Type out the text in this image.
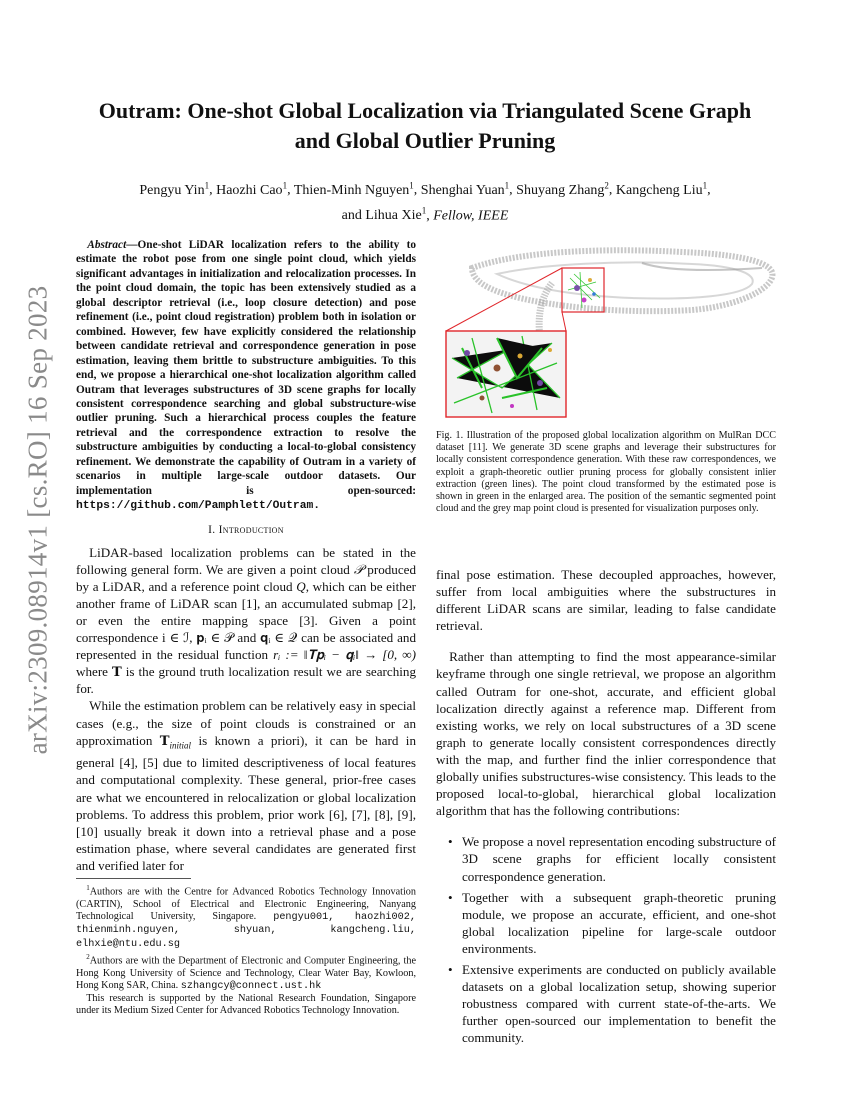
arXiv:2309.08914v1 [cs.RO] 16 Sep 2023
Outram: One-shot Global Localization via Triangulated Scene Graph
and Global Outlier Pruning
Pengyu Yin$^1$, Haozhi Cao$^1$, Thien-Minh Nguyen$^1$, Shenghai Yuan$^1$, Shuyang Zhang$^2$, Kangcheng Liu$^1$,
and Lihua Xie$^1$, Fellow, IEEE

Abstract—One-shot LiDAR localization refers to the ability to estimate the robot pose from one single point cloud, which yields significant advantages in initialization and relocalization processes. In the point cloud domain, the topic has been extensively studied as a global descriptor retrieval (i.e., loop closure detection) and pose refinement (i.e., point cloud registration) problem both in isolation or combined. However, few have explicitly considered the relationship between candidate retrieval and correspondence generation in pose estimation, leaving them brittle to substructure ambiguities. To this end, we propose a hierarchical one-shot localization algorithm called Outram that leverages substructures of 3D scene graphs for locally consistent correspondence searching and global substructure-wise outlier pruning. Such a hierarchical process couples the feature retrieval and the correspondence extraction to resolve the substructure ambiguities by conducting a local-to-global consistency refinement. We demonstrate the capability of Outram in a variety of scenarios in multiple large-scale outdoor datasets. Our implementation is open-sourced: https://github.com/Pamphlett/Outram.

I. Introduction

LiDAR-based localization problems can be stated in the following general form. We are given a point cloud 𝒫 produced by a LiDAR, and a reference point cloud Q, which can be either another frame of LiDAR scan [1], an accumulated submap [2], or even the entire mapping space [3]. Given a point correspondence i ∈ ℐ, 𝐩ᵢ ∈ 𝒫 and 𝐪ᵢ ∈ 𝒬 can be associated and represented in the residual function rᵢ := ‖𝐓𝐩ᵢ − 𝐪ᵢ‖ → [0, ∞) where 𝐓 is the ground truth localization result we are searching for.

While the estimation problem can be relatively easy in special cases (e.g., the size of point clouds is constrained or an approximation 𝐓$_{initial}$ is known a priori), it can be hard in general [4], [5] due to limited descriptiveness of local features and computational complexity. These general, prior-free cases are what we encountered in relocalization or global localization problems. To address this problem, prior work [6], [7], [8], [9], [10] usually break it down into a retrieval phase and a pose estimation phase, where several candidates are generated first and verified later for

$^1$Authors are with the Centre for Advanced Robotics Technology Innovation (CARTIN), School of Electrical and Electronic Engineering, Nanyang Technological University, Singapore. pengyu001, haozhi002, thienminh.nguyen, shyuan, kangcheng.liu, elhxie@ntu.edu.sg

$^2$Authors are with the Department of Electronic and Computer Engineering, the Hong Kong University of Science and Technology, Clear Water Bay, Kowloon, Hong Kong SAR, China. szhangcy@connect.ust.hk

This research is supported by the National Research Foundation, Singapore under its Medium Sized Center for Advanced Robotics Technology Innovation.

Fig. 1. Illustration of the proposed global localization algorithm on MulRan DCC dataset [11]. We generate 3D scene graphs and leverage their substructures for locally consistent correspondence generation. With these raw correspondences, we exploit a graph-theoretic outlier pruning process for globally consistent inlier extraction (green lines). The point cloud transformed by the estimated pose is shown in green in the enlarged area. The position of the semantic segmented point cloud and the grey map point cloud is presented for visualization purposes only.

final pose estimation. These decoupled approaches, however, suffer from local ambiguities where the substructures in different LiDAR scans are similar, leading to false candidate retrieval.

Rather than attempting to find the most appearance-similar keyframe through one single retrieval, we propose an algorithm called Outram for one-shot, accurate, and efficient global localization directly against a reference map. Different from existing works, we rely on local substructures of a 3D scene graph to generate locally consistent correspondences directly with the map, and further find the inlier correspondence that globally unifies substructures-wise consistency. This leads to the proposed local-to-global, hierarchical global localization algorithm that has the following contributions:

• We propose a novel representation encoding substructure of 3D scene graphs for efficient locally consistent correspondence generation.
• Together with a subsequent graph-theoretic pruning module, we propose an accurate, efficient, and one-shot global localization pipeline for large-scale outdoor environments.
• Extensive experiments are conducted on publicly available datasets on a global localization setup, showing superior robustness compared with current state-of-the-arts. We further open-sourced our implementation to benefit the community.
